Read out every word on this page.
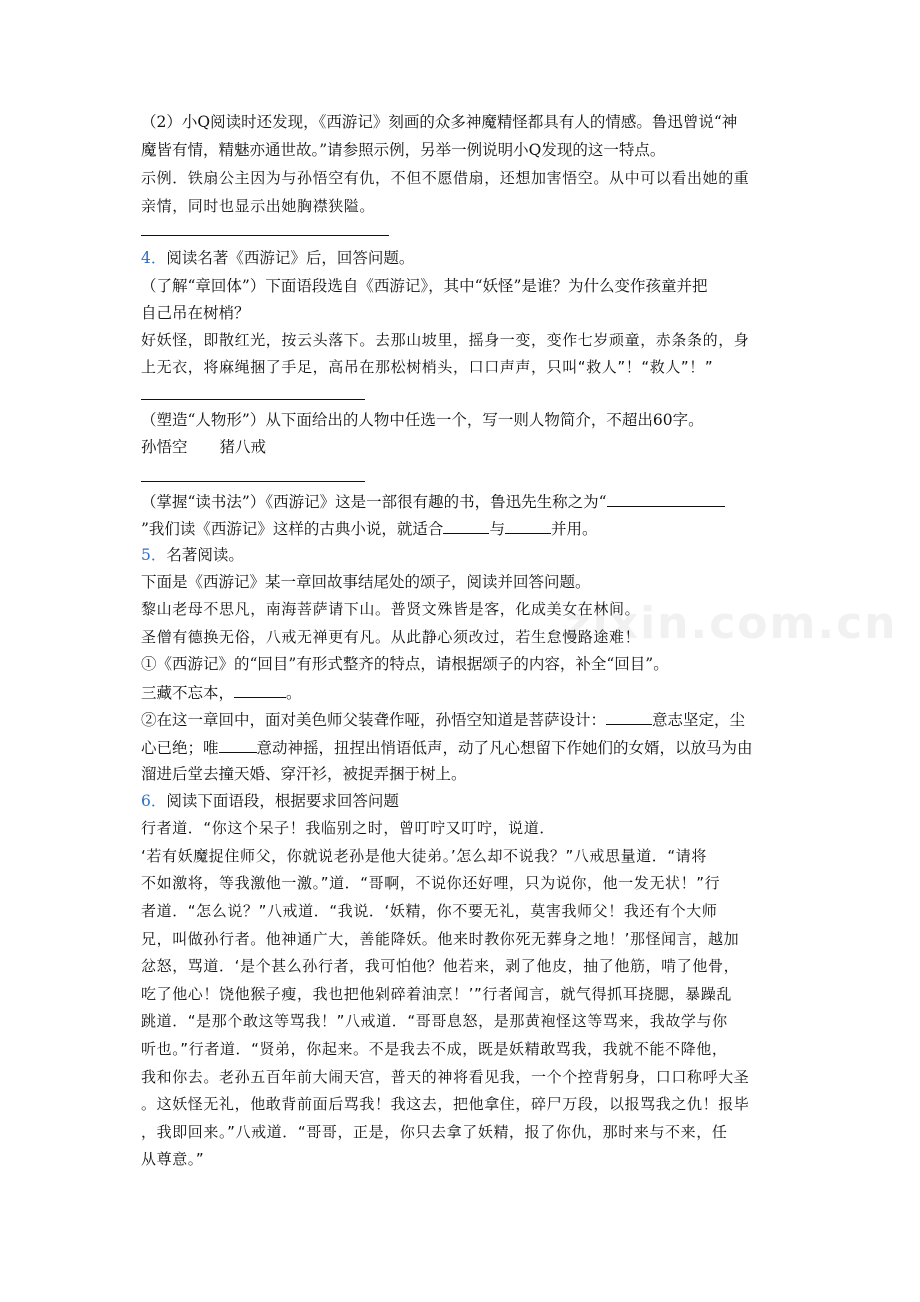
zixin.com.cn
（2）小Q阅读时还发现，《西游记》刻画的众多神魔精怪都具有人的情感。鲁迅曾说“神
魔皆有情，精魅亦通世故。”请参照示例，另举一例说明小Q发现的这一特点。
示例．铁扇公主因为与孙悟空有仇，不但不愿借扇，还想加害悟空。从中可以看出她的重
亲情，同时也显示出她胸襟狭隘。
4．阅读名著《西游记》后，回答问题。
（了解“章回体”）下面语段选自《西游记》，其中“妖怪”是谁？为什么变作孩童并把
自己吊在树梢？
好妖怪，即散红光，按云头落下。去那山坡里，摇身一变，变作七岁顽童，赤条条的，身
上无衣，将麻绳捆了手足，高吊在那松树梢头，口口声声，只叫“救人”！“救人”！”
（塑造“人物形”）从下面给出的人物中任选一个，写一则人物简介，不超出60字。
孙悟空 猪八戒
（掌握“读书法”）《西游记》这是一部很有趣的书，鲁迅先生称之为“
”我们读《西游记》这样的古典小说，就适合	与	并用。
5．名著阅读。
下面是《西游记》某一章回故事结尾处的颂子，阅读并回答问题。
黎山老母不思凡，南海菩萨请下山。普贤文殊皆是客，化成美女在林间。
圣僧有德换无俗，八戒无禅更有凡。从此静心须改过，若生怠慢路途难！
①《西游记》的“回目”有形式整齐的特点，请根据颂子的内容，补全“回目”。
三藏不忘本，	。
②在这一章回中，面对美色师父装聋作哑，孙悟空知道是菩萨设计：	意志坚定，尘
心已绝；唯 意动神摇，扭捏出悄语低声，动了凡心想留下作她们的女婿，以放马为由
溜进后堂去撞天婚、穿汗衫，被捉弄捆于树上。
6．阅读下面语段，根据要求回答问题
行者道．“你这个呆子！我临别之时，曾叮咛又叮咛，说道．
‘若有妖魔捉住师父，你就说老孙是他大徒弟。’怎么却不说我？”八戒思量道．“请将
不如激将，等我激他一激。”道．“哥啊，不说你还好哩，只为说你，他一发无状！”行
者道．“怎么说？”八戒道．“我说．‘妖精，你不要无礼，莫害我师父！我还有个大师
兄，叫做孙行者。他神通广大，善能降妖。他来时教你死无葬身之地！’那怪闻言，越加
忿怒，骂道．‘是个甚么孙行者，我可怕他？他若来，剥了他皮，抽了他筋，啃了他骨，
吃了他心！饶他猴子瘦，我也把他剁碎着油烹！’”行者闻言，就气得抓耳挠腮，暴躁乱
跳道．“是那个敢这等骂我！”八戒道．“哥哥息怒，是那黄袍怪这等骂来，我故学与你
听也。”行者道．“贤弟，你起来。不是我去不成，既是妖精敢骂我，我就不能不降他，
我和你去。老孙五百年前大闹天宫，普天的神将看见我，一个个控背躬身，口口称呼大圣
。这妖怪无礼，他敢背前面后骂我！我这去，把他拿住，碎尸万段，以报骂我之仇！报毕
，我即回来。”八戒道．“哥哥，正是，你只去拿了妖精，报了你仇，那时来与不来，任
从尊意。”
